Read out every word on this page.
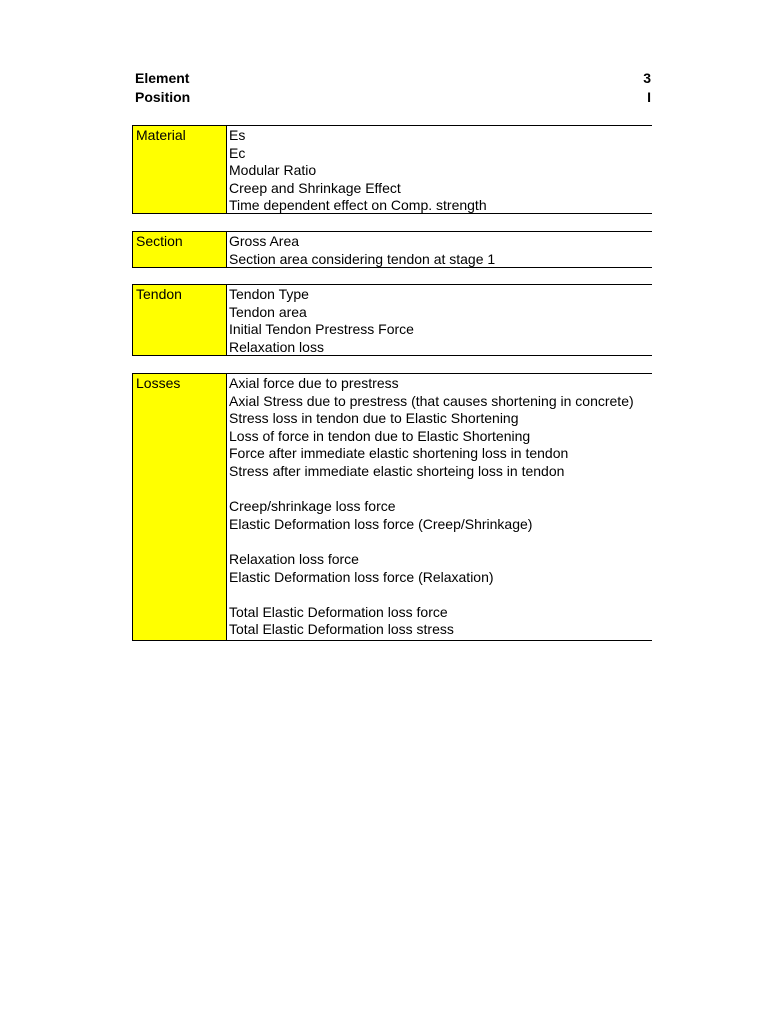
Element	3
Position	I
Material	Es
Ec
Modular Ratio
Creep and Shrinkage Effect
Time dependent effect on Comp. strength
Section	Gross Area
Section area considering tendon at stage 1
Tendon	Tendon Type
Tendon area
Initial Tendon Prestress Force
Relaxation loss
Losses	Axial force due to prestress
Axial Stress due to prestress (that causes shortening in concrete)
Stress loss in tendon due to Elastic Shortening
Loss of force in tendon due to Elastic Shortening
Force after immediate elastic shortening loss in tendon
Stress after immediate elastic shorteing loss in tendon
Creep/shrinkage loss force
Elastic Deformation loss force (Creep/Shrinkage)
Relaxation loss force
Elastic Deformation loss force (Relaxation)
Total Elastic Deformation loss force
Total Elastic Deformation loss stress
